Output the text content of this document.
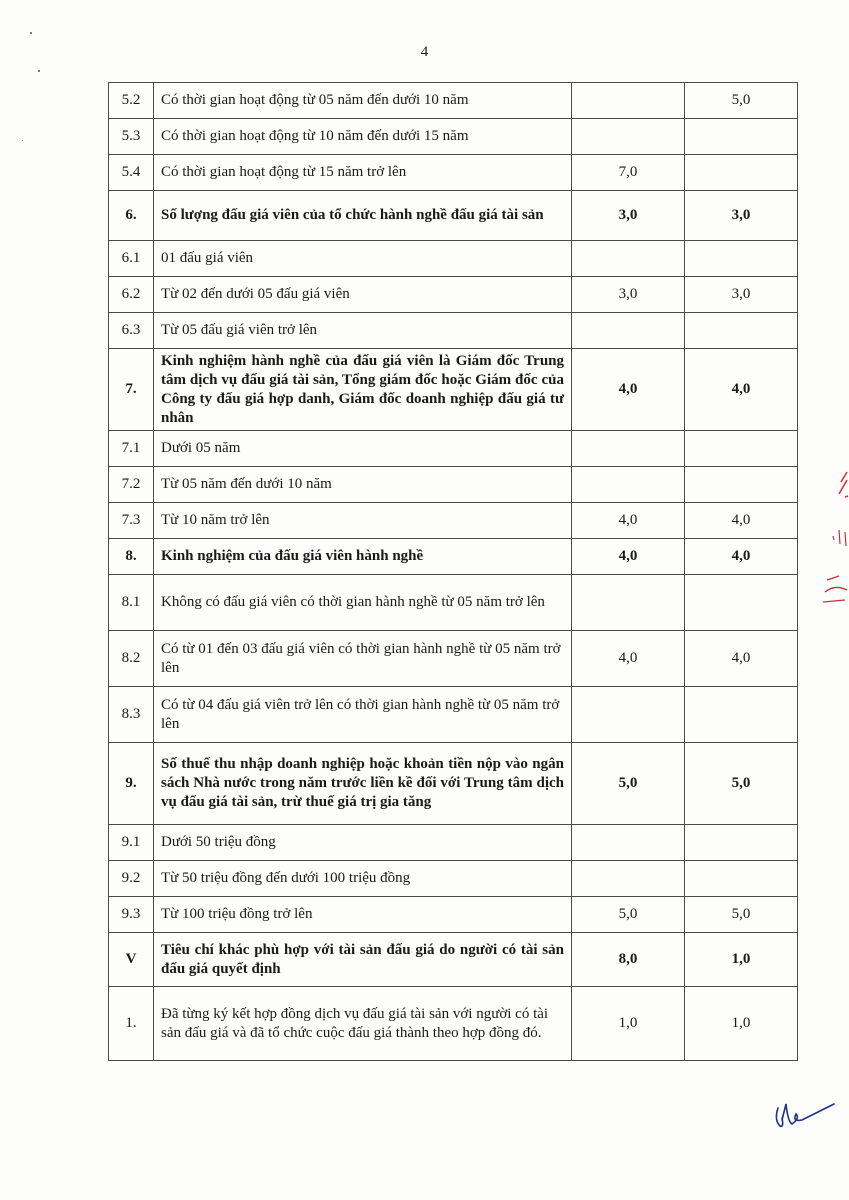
4
5.2	Có thời gian hoạt động từ 05 năm đến dưới 10 năm		5,0
5.3	Có thời gian hoạt động từ 10 năm đến dưới 15 năm		
5.4	Có thời gian hoạt động từ 15 năm trở lên	7,0	
6.	Số lượng đấu giá viên của tổ chức hành nghề đấu giá tài sản	3,0	3,0
6.1	01 đấu giá viên		
6.2	Từ 02 đến dưới 05 đấu giá viên	3,0	3,0
6.3	Từ 05 đấu giá viên trở lên		
7.	Kinh nghiệm hành nghề của đấu giá viên là Giám đốc Trung tâm dịch vụ đấu giá tài sản, Tổng giám đốc hoặc Giám đốc của Công ty đấu giá hợp danh, Giám đốc doanh nghiệp đấu giá tư nhân	4,0	4,0
7.1	Dưới 05 năm		
7.2	Từ 05 năm đến dưới 10 năm		
7.3	Từ 10 năm trở lên	4,0	4,0
8.	Kinh nghiệm của đấu giá viên hành nghề	4,0	4,0
8.1	Không có đấu giá viên có thời gian hành nghề từ 05 năm trở lên		
8.2	Có từ 01 đến 03 đấu giá viên có thời gian hành nghề từ 05 năm trở lên	4,0	4,0
8.3	Có từ 04 đấu giá viên trở lên có thời gian hành nghề từ 05 năm trở lên		
9.	Số thuế thu nhập doanh nghiệp hoặc khoản tiền nộp vào ngân sách Nhà nước trong năm trước liền kề đối với Trung tâm dịch vụ đấu giá tài sản, trừ thuế giá trị gia tăng	5,0	5,0
9.1	Dưới 50 triệu đồng		
9.2	Từ 50 triệu đồng đến dưới 100 triệu đồng		
9.3	Từ 100 triệu đồng trở lên	5,0	5,0
V	Tiêu chí khác phù hợp với tài sản đấu giá do người có tài sản đấu giá quyết định	8,0	1,0
1.	Đã từng ký kết hợp đồng dịch vụ đấu giá tài sản với người có tài sản đấu giá và đã tổ chức cuộc đấu giá thành theo hợp đồng đó.	1,0	1,0
